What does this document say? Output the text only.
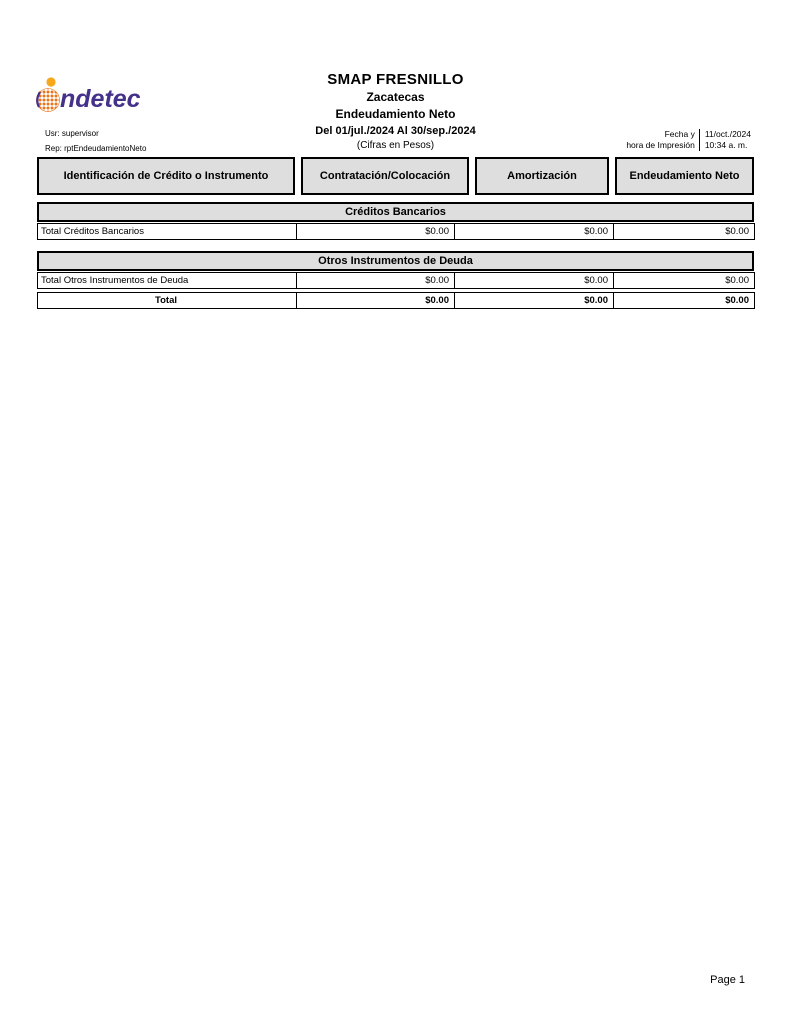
ndetec
SMAP FRESNILLO
Zacatecas
Endeudamiento Neto
Del 01/jul./2024 Al 30/sep./2024
(Cifras en Pesos)
Usr: supervisor
Rep: rptEndeudamientoNeto
Fecha y
hora de Impresión
11/oct./2024
10:34 a. m.
Identificación de Crédito o Instrumento	Contratación/Colocación	Amortización	Endeudamiento Neto
Créditos Bancarios
Total Créditos Bancarios	$0.00	$0.00	$0.00
Otros Instrumentos de Deuda
Total Otros Instrumentos de Deuda	$0.00	$0.00	$0.00
Total	$0.00	$0.00	$0.00
Page 1
